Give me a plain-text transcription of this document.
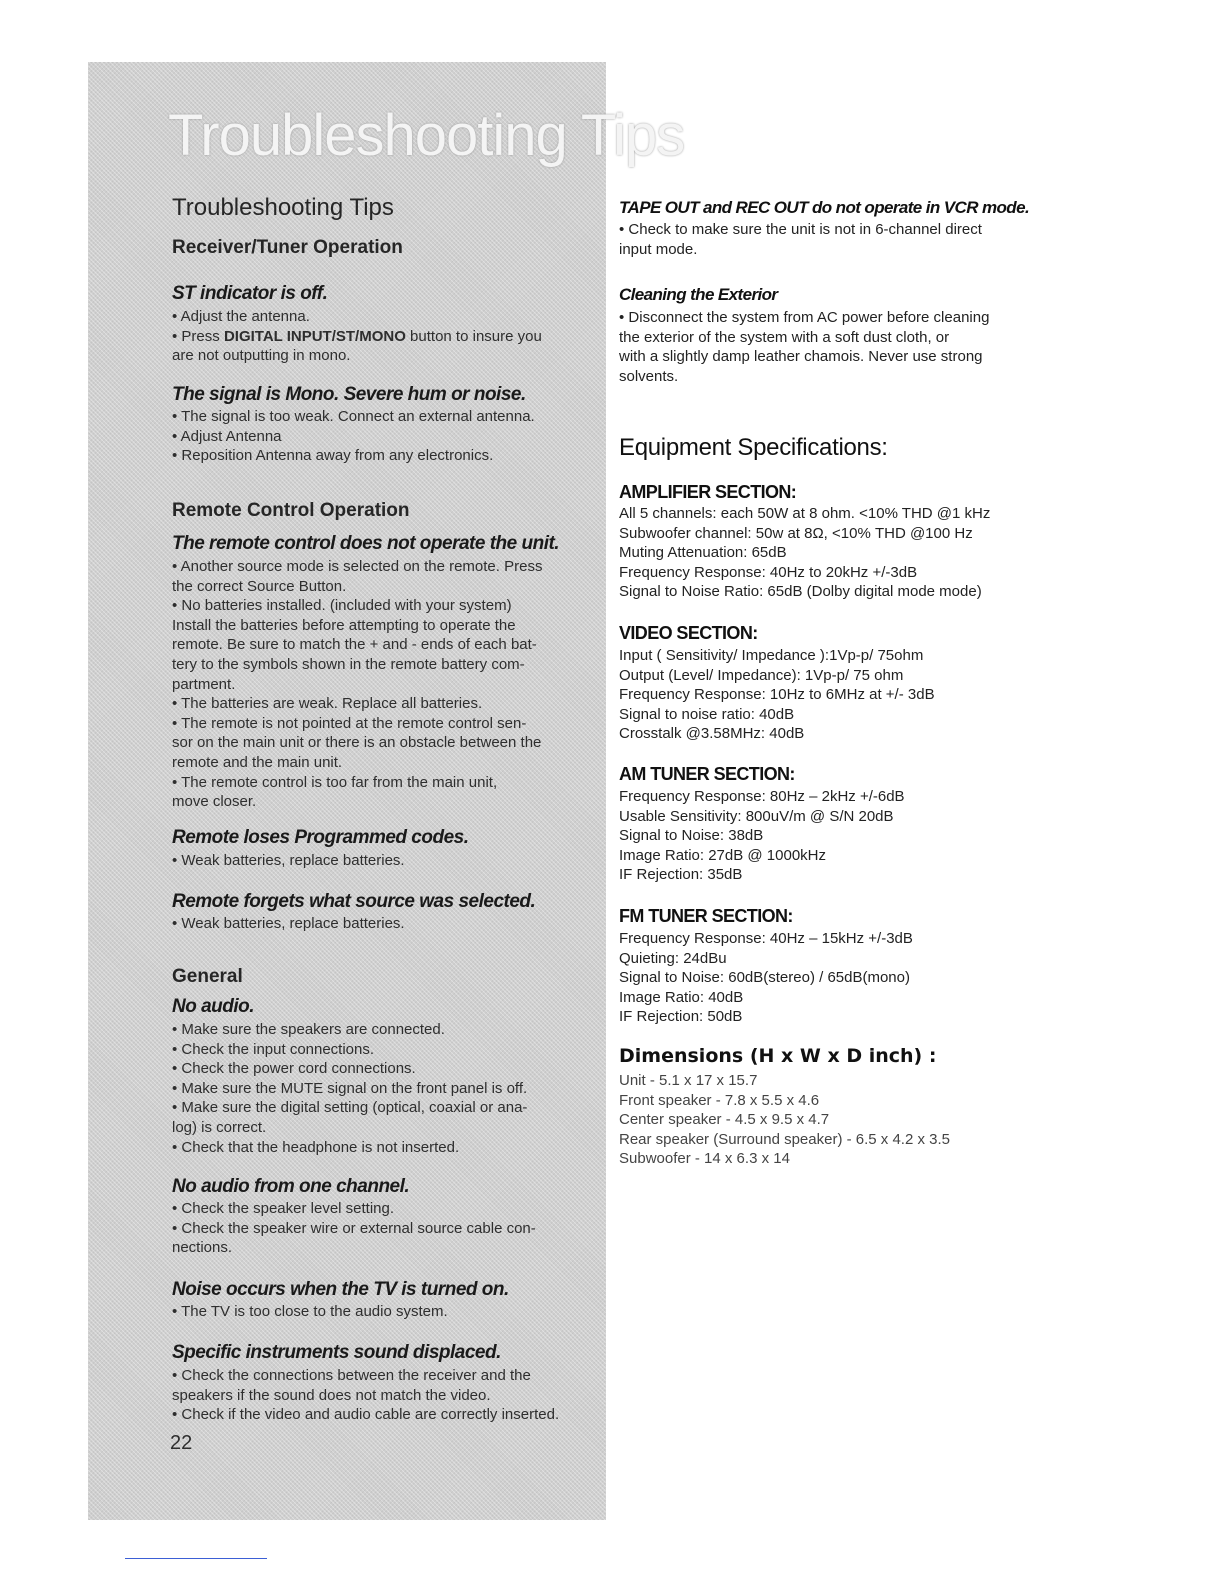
Troubleshooting Tips
Troubleshooting Tips
Receiver/Tuner Operation
ST indicator is off.
• Adjust the antenna.
• Press DIGITAL INPUT/ST/MONO button to insure you
are not outputting in mono.
The signal is Mono. Severe hum or noise.
• The signal is too weak. Connect an external antenna.
• Adjust Antenna
• Reposition Antenna away from any electronics.
Remote Control Operation
The remote control does not operate the unit.
• Another source mode is selected on the remote. Press
the correct Source Button.
• No batteries installed. (included with your system)
Install the batteries before attempting to operate the
remote. Be sure to match the + and - ends of each bat-
tery to the symbols shown in the remote battery com-
partment.
• The batteries are weak. Replace all batteries.
• The remote is not pointed at the remote control sen-
sor on the main unit or there is an obstacle between the
remote and the main unit.
• The remote control is too far from the main unit,
move closer.
Remote loses Programmed codes.
• Weak batteries, replace batteries.
Remote forgets what source was selected.
• Weak batteries, replace batteries.
General
No audio.
• Make sure the speakers are connected.
• Check the input connections.
• Check the power cord connections.
• Make sure the MUTE signal on the front panel is off.
• Make sure the digital setting (optical, coaxial or ana-
log) is correct.
• Check that the headphone is not inserted.
No audio from one channel.
• Check the speaker level setting.
• Check the speaker wire or external source cable con-
nections.
Noise occurs when the TV is turned on.
• The TV is too close to the audio system.
Specific instruments sound displaced.
• Check the connections between the receiver and the
speakers if the sound does not match the video.
• Check if the video and audio cable are correctly inserted.
22
TAPE OUT and REC OUT do not operate in VCR mode.
• Check to make sure the unit is not in 6-channel direct
input mode.
Cleaning the Exterior
• Disconnect the system from AC power before cleaning
the exterior of the system with a soft dust cloth, or
with a slightly damp leather chamois. Never use strong
solvents.
Equipment Specifications:
AMPLIFIER SECTION:
All 5 channels: each 50W at 8 ohm. <10% THD @1 kHz
Subwoofer channel: 50w at 8Ω, <10% THD @100 Hz
Muting Attenuation: 65dB
Frequency Response: 40Hz to 20kHz +/-3dB
Signal to Noise Ratio: 65dB (Dolby digital mode mode)
VIDEO SECTION:
Input ( Sensitivity/ Impedance ):1Vp-p/ 75ohm
Output (Level/ Impedance): 1Vp-p/ 75 ohm
Frequency Response: 10Hz to 6MHz at +/- 3dB
Signal to noise ratio: 40dB
Crosstalk @3.58MHz: 40dB
AM TUNER SECTION:
Frequency Response: 80Hz – 2kHz +/-6dB
Usable Sensitivity: 800uV/m @ S/N 20dB
Signal to Noise: 38dB
Image Ratio: 27dB @ 1000kHz
IF Rejection: 35dB
FM TUNER SECTION:
Frequency Response: 40Hz – 15kHz +/-3dB
Quieting: 24dBu
Signal to Noise: 60dB(stereo) / 65dB(mono)
Image Ratio: 40dB
IF Rejection: 50dB
Dimensions (H x W x D inch) :
Unit - 5.1 x 17 x 15.7
Front speaker - 7.8 x 5.5 x 4.6
Center speaker - 4.5 x 9.5 x 4.7
Rear speaker (Surround speaker) - 6.5 x 4.2 x 3.5
Subwoofer - 14 x 6.3 x 14
